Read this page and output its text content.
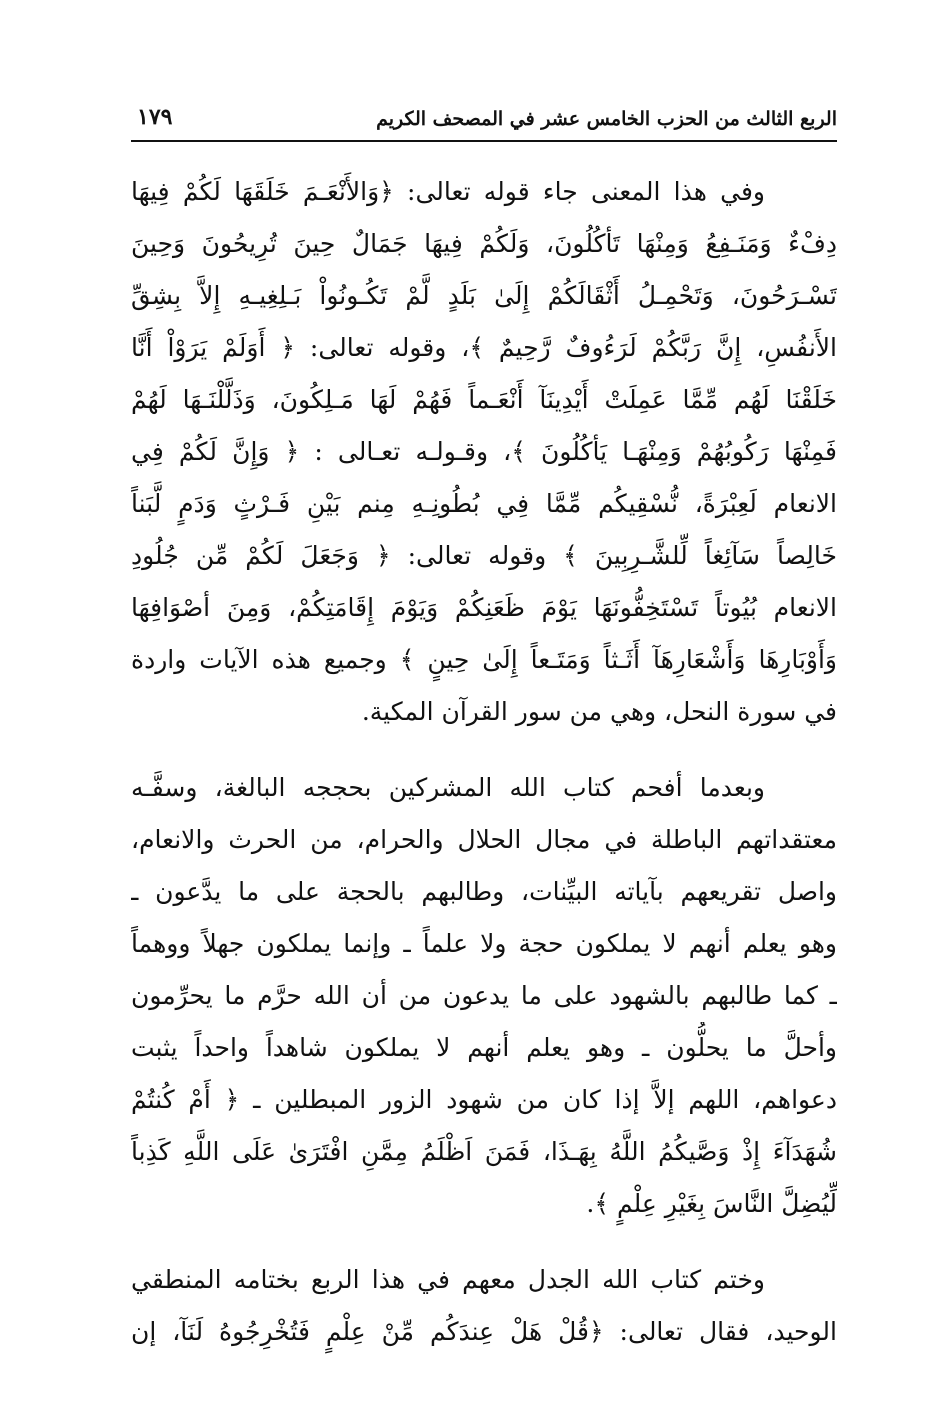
الربع الثالث من الحزب الخامس عشر في المصحف الكريم
١٧٩
وفي هذا المعنى جاء قوله تعالى: ﴿وَالأَنْعَـمَ خَلَقَهَا لَكُمْ فِيهَا
دِفْءٌ وَمَنَـفِعُ وَمِنْهَا تَأكُلُونَ، وَلَكُمْ فِيهَا جَمَالٌ حِينَ تُرِيحُونَ وَحِينَ
تَسْـرَحُونَ، وَتَحْمِـلُ أَثْقَالَكُمْ إِلَىٰ بَلَدٍ لَّمْ تَكُـونُواْ بَـلِغِيـهِ إِلاَّ بِشِقِّ
الأَنفُسِ، إِنَّ رَبَّكُمْ لَرَءُوفٌ رَّحِيمٌ ﴾، وقوله تعالى: ﴿ أَوَلَمْ يَرَوْاْ أَنَّا
خَلَقْنَا لَهُم مِّمَّا عَمِلَتْ أَيْدِينَآ أَنْعَـماً فَهُمْ لَهَا مَـلِكُونَ، وَذَلَّلْنَـهَا لَهُمْ
فَمِنْهَا رَكُوبُهُمْ وَمِنْهَـا يَأكُلُونَ ﴾، وقـولـه تعـالى : ﴿ وَإِنَّ لَكُمْ فِي
الانعام لَعِبْرَةً، نُّسْقِيكُم مِّمَّا فِي بُطُونِـهِ مِنم بَيْنِ فَـرْثٍ وَدَمٍ لَّبَناً
خَالِصاً سَآئِغاً لِّلشَّـرِبِينَ ﴾ وقوله تعالى: ﴿ وَجَعَلَ لَكُمْ مِّن جُلُودِ
الانعام بُيُوتاً تَسْتَخِفُّونَهَا يَوْمَ ظَعَنِكُمْ وَيَوْمَ إِقَامَتِكُمْ، وَمِنَ أصْوَافِهَا
وَأَوْبَارِهَا وَأَشْعَارِهَآ أَثَـثاً وَمَتَـعاً إِلَىٰ حِينٍ ﴾ وجميع هذه الآيات واردة
في سورة النحل، وهي من سور القرآن المكية.
وبعدما أفحم كتاب الله المشركين بحججه البالغة، وسفَّـه
معتقداتهم الباطلة في مجال الحلال والحرام، من الحرث والانعام،
واصل تقريعهم بآياته البيِّنات، وطالبهم بالحجة على ما يدَّعون ـ
وهو يعلم أنهم لا يملكون حجة ولا علماً ـ وإنما يملكون جهلاً ووهماً
ـ كما طالبهم بالشهود على ما يدعون من أن الله حرَّم ما يحرِّمون
وأحلَّ ما يحلُّون ـ وهو يعلم أنهم لا يملكون شاهداً واحداً يثبت
دعواهم، اللهم إلاَّ إذا كان من شهود الزور المبطلين ـ ﴿ أَمْ كُنتُمْ
شُهَدَآءَ إِذْ وَصَّيكُمُ اللَّهُ بِهَـذَا، فَمَنَ اَظْلَمُ مِمَّنِ افْتَرَىٰ عَلَى اللَّهِ كَذِباً
لِّيُضِلَّ النَّاسَ بِغَيْرِ عِلْمٍ ﴾.
وختم كتاب الله الجدل معهم في هذا الربع بختامه المنطقي
الوحيد، فقال تعالى: ﴿قُلْ هَلْ عِندَكُم مِّنْ عِلْمٍ فَتُخْرِجُوهُ لَنَآ، إن
